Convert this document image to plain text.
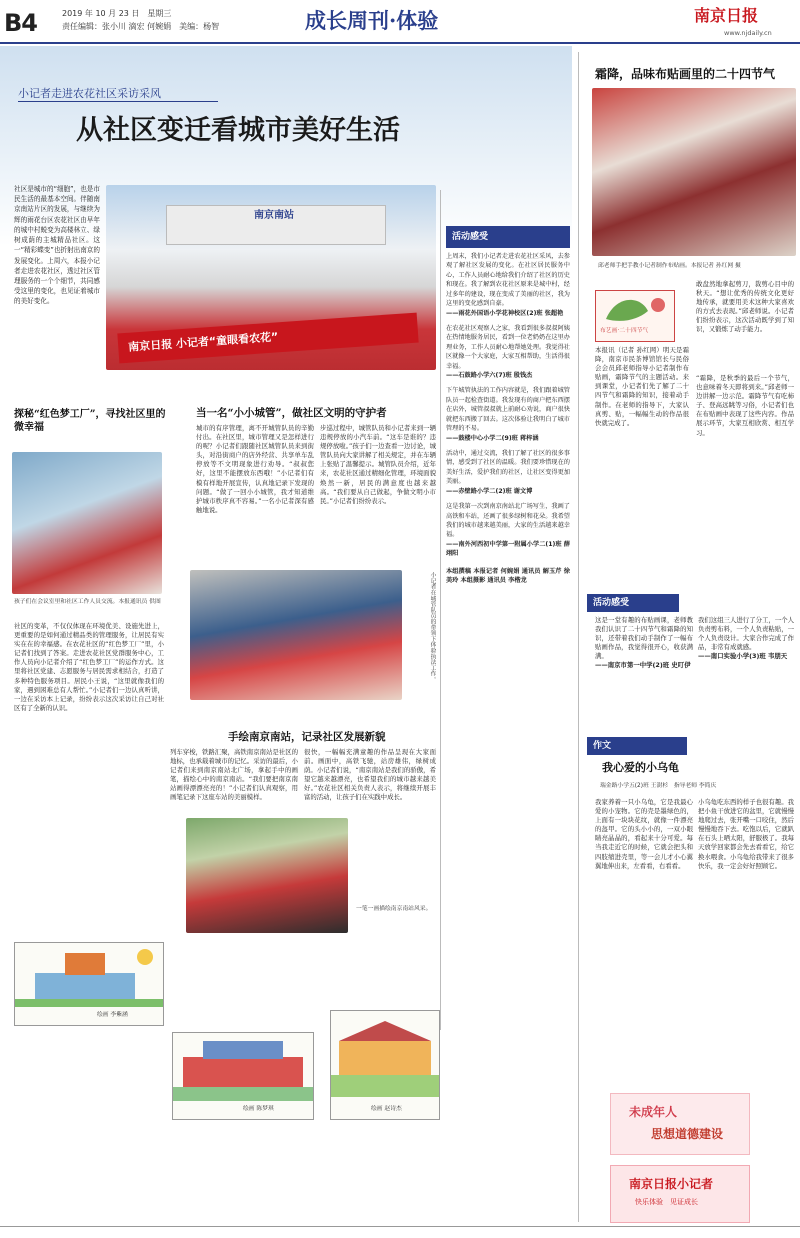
B4	2019 年 10 月 23 日　星期三
责任编辑：张小川 滴宏 何婉娟　美编：杨智	成长周刊·体验	南京日报
www.njdaily.cn
小记者走进农花社区采访采风
从社区变迁看城市美好生活
社区是城市的“细胞”，也是市民生活的最基本空间。伴随南京南站片区的发展，与继续为辉的雨花台区农花社区由早年的城中村蜕变为高楼林立、绿树成荫的主城精品社区。这一“精彩蝶变”也折射出南京的发展变化。上周六，本报小记者走进农花社区，透过社区管理服务的一个个细节，共同感受这里的变化，也见证着城市的美好变化。
南京南站
南京日报 小记者“童眼看农花”
探秘“红色梦工厂”，寻找社区里的微幸福
孩子们在会议室里和社区工作人员交流。本报通讯员 供图
社区的变革，不仅仅体现在环境优美、设施先进上，更重要的是如何通过精品类的管理服务，让居民有实实在在的幸福感。在农花社区的“红色梦工厂”里，小记者们找到了答案。走进农花社区党群服务中心，工作人员向小记者介绍了“红色梦工厂”的运作方式。这里将社区党建、志愿服务与居民需求相结合，打造了多种特色服务项目。居民小王说，“这里就像我们的家，遇到困难总有人帮忙。”小记者们一边认真听讲，一边在采访本上记录，纷纷表示这次采访让自己对社区有了全新的认识。
当一名“小小城管”，做社区文明的守护者
城市的有序管理，离不开城管队员的辛勤付出。在社区里，城市管理又是怎样进行的呢？小记者们跟随社区城管队员来到街头，对沿街商户的店外经营、共享单车乱停放等不文明现象进行劝导。“叔叔您好，这里不能摆放东西哦！”小记者们有模有样地开展宣传，认真地记录下发现的问题。“做了一回小小城管，我才知道维护城市秩序真不容易。”一名小记者深有感触地说。
步巡过程中，城管队员和小记者来到一辆违规停放的小汽车前。“这车是谁的？违规停放啦。”孩子们一边查看一边讨论，城管队员向大家讲解了相关规定，并在车辆上张贴了温馨提示。城管队员介绍，近年来，农花社区通过精细化管理，环境面貌焕然一新，居民的满意度也越来越高。“我们要从自己做起，争做文明小市民。”小记者们纷纷表示。
小记者在城管队员的带领下体验执法工作。
手绘南京南站，记录社区发展新貌
列车穿梭，铁路汇聚，高铁南京南站是社区的地标，也承载着城市的记忆。采访的最后，小记者们来到南京南站北广场，拿起手中的画笔，描绘心中的南京南站。“我们要把南京南站画得漂漂亮亮的！”小记者们认真观察，用画笔记录下这座车站的美丽模样。
很快，一幅幅充满童趣的作品呈现在大家面前。画面中，高铁飞驰，站房雄伟，绿树成荫。小记者们说，“南京南站是我们的骄傲，希望它越来越漂亮，也希望我们的城市越来越美好。”农花社区相关负责人表示，将继续开展丰富的活动，让孩子们在实践中成长。
一笔一画描绘南京南站风采。
绘画 李紫涵
绘画 陈梦琪	绘画 赵诗杰
活动感受

上周末，我们小记者走进农花社区采风，去参观了解社区发展的变化。在社区居民服务中心，工作人员耐心地给我们介绍了社区的历史和现在。我了解到农花社区原来是城中村，经过多年的建设，现在变成了美丽的社区，我为这里的变化感到自豪。

——雨花外国语小学花神校区(2)班 张超艳

在农花社区观察人之家，我看到很多叔叔阿姨在热情地服务居民，看到一位老奶奶在这里办理业务，工作人员耐心地帮她处理。我觉得社区就像一个大家庭，大家互相帮助，生活得很幸福。

——石鼓路小学六(7)班 殷钱杰

下午城管执法的工作内容就是，我们跟着城管队员一起检查街道。我发现有的商户把东西摆在店外，城管叔叔就上前耐心劝说，商户很快就把东西搬了回去。这次体验让我明白了城市管理的不易。

——鼓楼中心小学二(9)班 蒋梓涵

活动中，通过交流，我们了解了社区的很多事情，感受到了社区的温暖。我们要珍惜现在的美好生活，爱护我们的社区，让社区变得更加美丽。

——赤壁路小学二(2)班 谢文博

这是我第一次到南京南站北广场写生，我画了高铁和车站，还画了很多绿树和花朵。我希望我们的城市越来越美丽，大家的生活越来越幸福。

——南外河西初中学第一附属小学二(1)班 薛翊阳

本组撰稿 本报记者 何婉娟 通讯员 解玉芹 徐美玲 本组摄影 通讯员 李楷龙

霜降，品味布贴画里的二十四节气
邱老师手把手教小记者制作布贴画。本报记者 孙红网 摄
布艺画·二十四节气
本报讯（记者 孙红网）明天是霜降，南京市民茶博馆馆长与民俗会会员邱老师指导小记者制作布贴画，霜降节气的主题活动。来到课堂，小记者们先了解了二十四节气和霜降的知识，接着动手制作。在老师的指导下，大家认真剪、贴，一幅幅生动的作品很快就完成了。
敢盘然地拿起剪刀，裁剪心目中的秋天。“想让优秀的传统文化更好地传承，就要用美术这种大家喜欢的方式去表现。”邱老师说。小记者们纷纷表示，这次活动既学到了知识，又锻炼了动手能力。
“霜降，是秋季的最后一个节气，也意味着冬天即将到来。”邱老师一边讲解一边示范。霜降节气有吃柿子、登高远眺等习俗，小记者们也在布贴画中表现了这些内容。作品展示环节，大家互相欣赏、相互学习。
活动感受

这是一堂有趣的布贴画课，老师教我们认识了二十四节气和霜降的知识，还带着我们动手制作了一幅布贴画作品，我觉得很开心，收获满满。

——南京市第一中学(2)班 史叮伊

我们这组三人进行了分工，一个人负责剪布料，一个人负责粘贴，一个人负责设计。大家合作完成了作品，非常有成就感。

——南口实验小学(3)班 韦朋天

作文
我心爱的小乌龟
瑞金路小学五(2)班 王澍杉　指导老师 李简庆
我家养着一只小乌龟，它是我最心爱的小宠物。它的壳是墨绿色的，上面有一块块花纹，就像一件漂亮的盔甲。它的头小小的，一双小眼睛亮晶晶的，看起来十分可爱。每当我走近它的时候，它就会把头和四肢缩进壳里，等一会儿才小心翼翼地伸出来，左看看，右看看。
小乌龟吃东西的样子也很有趣。我把小鱼干放进它的盆里，它就慢慢地爬过去，张开嘴一口咬住，然后慢慢地吞下去。吃饱以后，它就趴在石头上晒太阳，舒服极了。我每天放学回家都会先去看看它，给它换水喂食。小乌龟给我带来了很多快乐，我一定会好好照顾它。
未成年人
思想道德建设
南京日报小记者
快乐体验　见证成长
